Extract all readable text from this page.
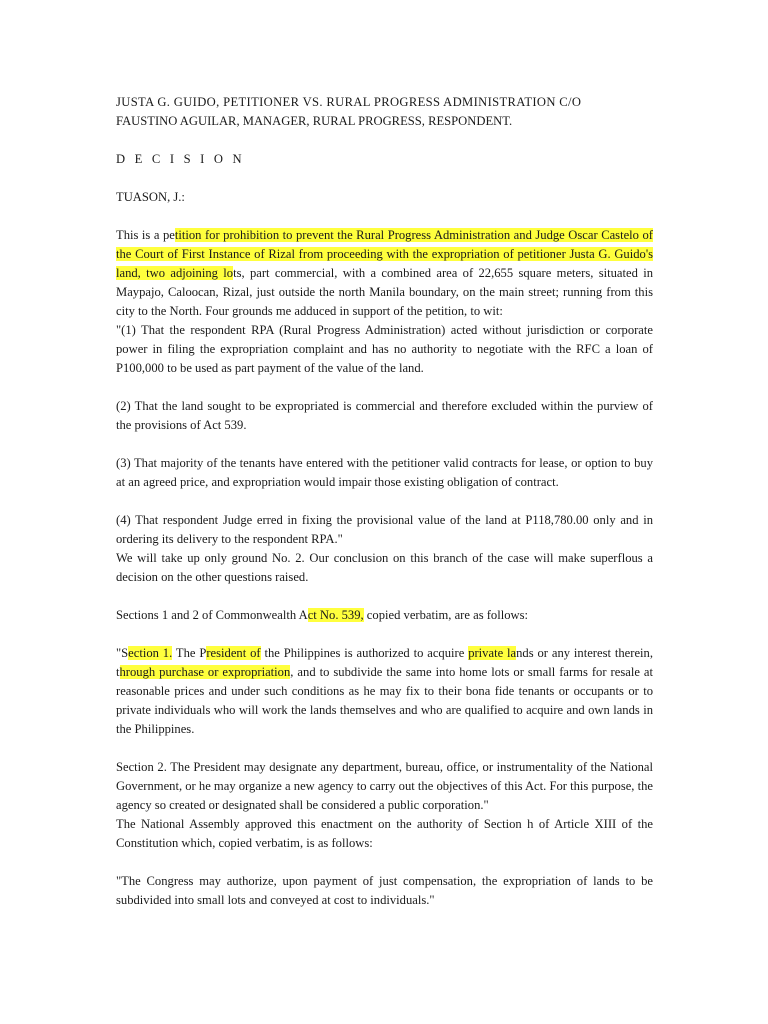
JUSTA G. GUIDO, PETITIONER VS. RURAL PROGRESS ADMINISTRATION C/O

FAUSTINO AGUILAR, MANAGER, RURAL PROGRESS, RESPONDENT.

D E C I S I O N

TUASON, J.:

This is a petition for prohibition to prevent the Rural Progress Administration and Judge Oscar Castelo of the Court of First Instance of Rizal from proceeding with the expropriation of petitioner Justa G. Guido's land, two adjoining lots, part commercial, with a combined area of 22,655 square meters, situated in Maypajo, Caloocan, Rizal, just outside the north Manila boundary, on the main street; running from this city to the North. Four grounds me adduced in support of the petition, to wit:

"(1) That the respondent RPA (Rural Progress Administration) acted without jurisdiction or corporate power in filing the expropriation complaint and has no authority to negotiate with the RFC a loan of P100,000 to be used as part payment of the value of the land.

(2) That the land sought to be expropriated is commercial and therefore excluded within the purview of the provisions of Act 539.

(3) That majority of the tenants have entered with the petitioner valid contracts for lease, or option to buy at an agreed price, and expropriation would impair those existing obligation of contract.

(4) That respondent Judge erred in fixing the provisional value of the land at P118,780.00 only and in ordering its delivery to the respondent RPA."

We will take up only ground No. 2. Our conclusion on this branch of the case will make superflous a decision on the other questions raised.

Sections 1 and 2 of Commonwealth Act No. 539, copied verbatim, are as follows:

"Section 1. The President of the Philippines is authorized to acquire private lands or any interest therein, through purchase or expropriation, and to subdivide the same into home lots or small farms for resale at reasonable prices and under such conditions as he may fix to their bona fide tenants or occupants or to private individuals who will work the lands themselves and who are qualified to acquire and own lands in the Philippines.

Section 2. The President may designate any department, bureau, office, or instrumentality of the National Government, or he may organize a new agency to carry out the objectives of this Act. For this purpose, the agency so created or designated shall be considered a public corporation."

The National Assembly approved this enactment on the authority of Section h of Article XIII of the Constitution which, copied verbatim, is as follows:

"The Congress may authorize, upon payment of just compensation, the expropriation of lands to be subdivided into small lots and conveyed at cost to individuals."
